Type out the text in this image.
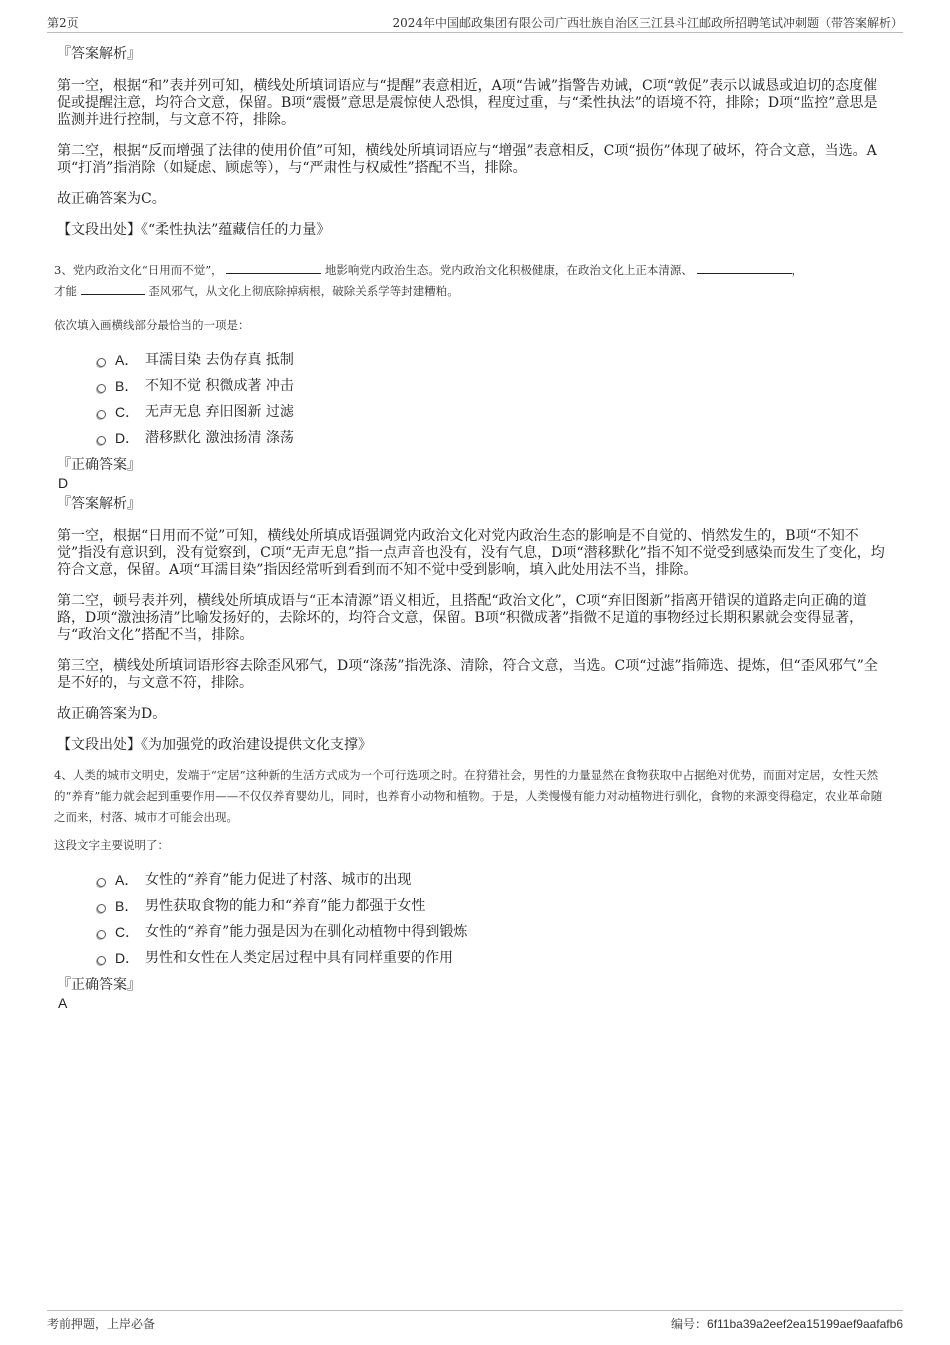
第2页	2024年中国邮政集团有限公司广西壮族自治区三江县斗江邮政所招聘笔试冲刺题（带答案解析）

『答案解析』

第一空，根据“和”表并列可知，横线处所填词语应与“提醒”表意相近，A项“告诫”指警告劝诫，C项“敦促”表示以诚恳或迫切的态度催促或提醒注意，均符合文意，保留。B项“震慑”意思是震惊使人恐惧，程度过重，与“柔性执法”的语境不符，排除；D项“监控”意思是监测并进行控制，与文意不符，排除。

第二空，根据“反而增强了法律的使用价值”可知，横线处所填词语应与“增强”表意相反，C项“损伤”体现了破坏，符合文意，当选。A项“打消”指消除（如疑虑、顾虑等），与“严肃性与权威性”搭配不当，排除。

故正确答案为C。

【文段出处】《“柔性执法”蕴藏信任的力量》

3、党内政治文化“日用而不觉”，	地影响党内政治生态。党内政治文化积极健康，在政治文化上正本清源、	，
才能	歪风邪气，从文化上彻底除掉病根，破除关系学等封建糟粕。

依次填入画横线部分最恰当的一项是：

A． 耳濡目染 去伪存真 抵制
B． 不知不觉 积微成著 冲击
C． 无声无息 弃旧图新 过滤
D． 潜移默化 激浊扬清 涤荡

『正确答案』

D

『答案解析』

第一空，根据“日用而不觉”可知，横线处所填成语强调党内政治文化对党内政治生态的影响是不自觉的、悄然发生的，B项“不知不觉”指没有意识到，没有觉察到，C项“无声无息”指一点声音也没有，没有气息，D项“潜移默化”指不知不觉受到感染而发生了变化，均符合文意，保留。A项“耳濡目染”指因经常听到看到而不知不觉中受到影响，填入此处用法不当，排除。

第二空，顿号表并列，横线处所填成语与“正本清源”语义相近，且搭配“政治文化”，C项“弃旧图新”指离开错误的道路走向正确的道路，D项“激浊扬清”比喻发扬好的，去除坏的，均符合文意，保留。B项“积微成著”指微不足道的事物经过长期积累就会变得显著，与“政治文化”搭配不当，排除。

第三空，横线处所填词语形容去除歪风邪气，D项“涤荡”指洗涤、清除，符合文意，当选。C项“过滤”指筛选、提炼，但“歪风邪气”全是不好的，与文意不符，排除。

故正确答案为D。

【文段出处】《为加强党的政治建设提供文化支撑》

4、人类的城市文明史，发端于“定居”这种新的生活方式成为一个可行选项之时。在狩猎社会，男性的力量显然在食物获取中占据绝对优势，而面对定居，女性天然的“养育”能力就会起到重要作用——不仅仅养育婴幼儿，同时，也养育小动物和植物。于是，人类慢慢有能力对动植物进行驯化，食物的来源变得稳定，农业革命随之而来，村落、城市才可能会出现。

这段文字主要说明了：

A． 女性的“养育”能力促进了村落、城市的出现
B． 男性获取食物的能力和“养育”能力都强于女性
C． 女性的“养育”能力强是因为在驯化动植物中得到锻炼
D． 男性和女性在人类定居过程中具有同样重要的作用

『正确答案』

A

考前押题，上岸必备	编号：6f11ba39a2eef2ea15199aef9aafafb6
